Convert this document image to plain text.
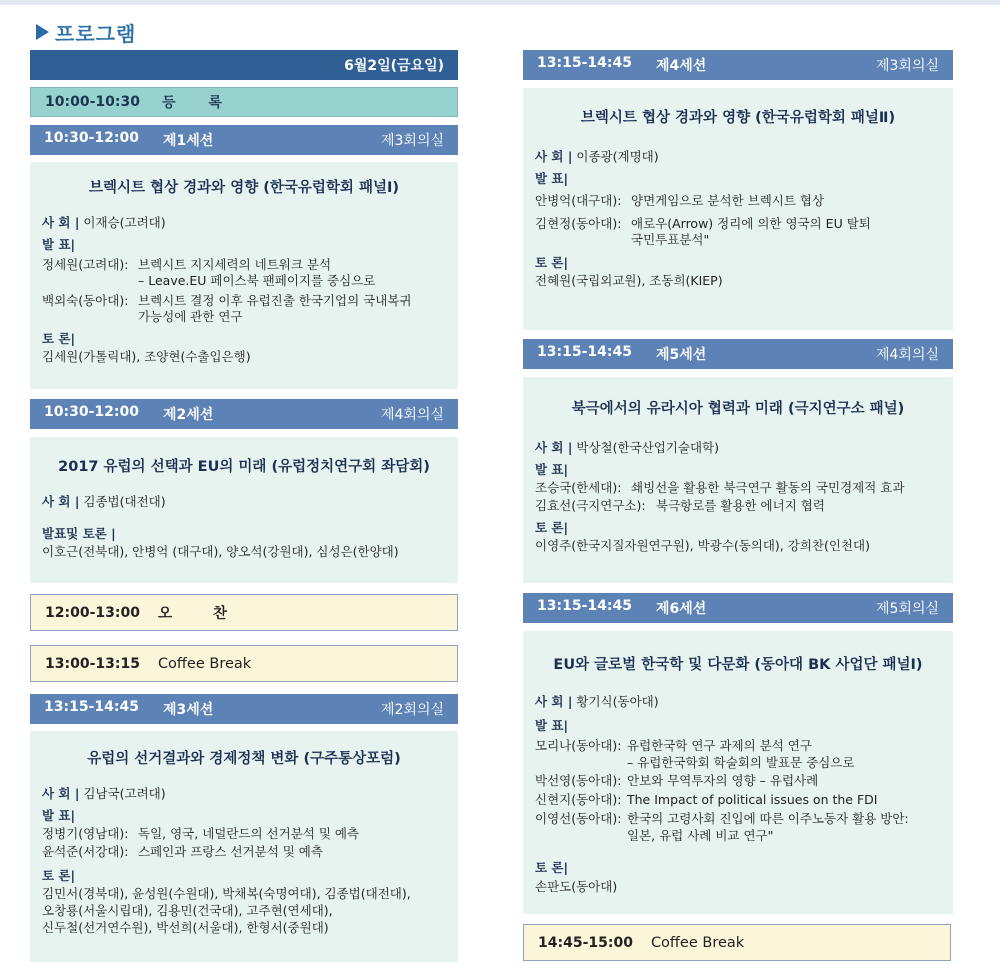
프로그램
6월2일(금요일)
10:00-10:30 등 록
10:30-12:00 제1세션	제3회의실
브렉시트 협상 경과와 영향 (한국유럽학회 패널Ⅰ)
사 회 | 이재승(고려대)
발 표|
정세원(고려대): 브렉시트 지지세력의 네트워크 분석
– Leave.EU 페이스북 팬페이지를 중심으로
백외숙(동아대): 브렉시트 결정 이후 유럽진출 한국기업의 국내복귀
가능성에 관한 연구
토 론|
김세원(가톨릭대), 조양현(수출입은행)
10:30-12:00 제2세션	제4회의실
2017 유럽의 선택과 EU의 미래 (유럽정치연구회 좌담회)
사 회 | 김종법(대전대)
발표및 토론 |
이호근(전북대), 안병억 (대구대), 양오석(강원대), 심성은(한양대)
12:00-13:00 오 찬
13:00-13:15 Coffee Break
13:15-14:45 제3세션	제2회의실
유럽의 선거결과와 경제정책 변화 (구주통상포럼)
사 회 | 김남국(고려대)
발 표|
정병기(영남대): 독일, 영국, 네덜란드의 선거분석 및 예측
윤석준(서강대): 스페인과 프랑스 선거분석 및 예측
토 론|
김민서(경북대), 윤성원(수원대), 박채복(숙명여대), 김종법(대전대),
오창룡(서울시립대), 김용민(건국대), 고주현(연세대),
신두철(선거연수원), 박선희(서울대), 한형서(중원대)
13:15-14:45 제4세션	제3회의실
브렉시트 협상 경과와 영향 (한국유럽학회 패널Ⅱ)
사 회 | 이종광(계명대)
발 표|
안병억(대구대): 양면게임으로 분석한 브렉시트 협상
김현정(동아대): 애로우(Arrow) 정리에 의한 영국의 EU 탈퇴
국민투표분석"
토 론|
전혜원(국립외교원), 조동희(KIEP)
13:15-14:45 제5세션	제4회의실
북극에서의 유라시아 협력과 미래 (극지연구소 패널)
사 회 | 박상철(한국산업기술대학)
발 표|
조승국(한세대): 쇄빙선을 활용한 북극연구 활동의 국민경제적 효과
김효선(극지연구소): 북극항로를 활용한 에너지 협력
토 론|
이영주(한국지질자원연구원), 박광수(동의대), 강희찬(인천대)
13:15-14:45 제6세션	제5회의실
EU와 글로벌 한국학 및 다문화 (동아대 BK 사업단 패널Ⅰ)
사 회 | 황기식(동아대)
발 표|
모리나(동아대): 유럽한국학 연구 과제의 분석 연구
– 유럽한국학회 학술회의 발표문 중심으로
박선영(동아대): 안보와 무역투자의 영향 – 유럽사례
신현지(동아대): The Impact of political issues on the FDI
이영선(동아대): 한국의 고령사회 진입에 따른 이주노동자 활용 방안:
일본, 유럽 사례 비교 연구"
토 론|
손판도(동아대)
14:45-15:00 Coffee Break
